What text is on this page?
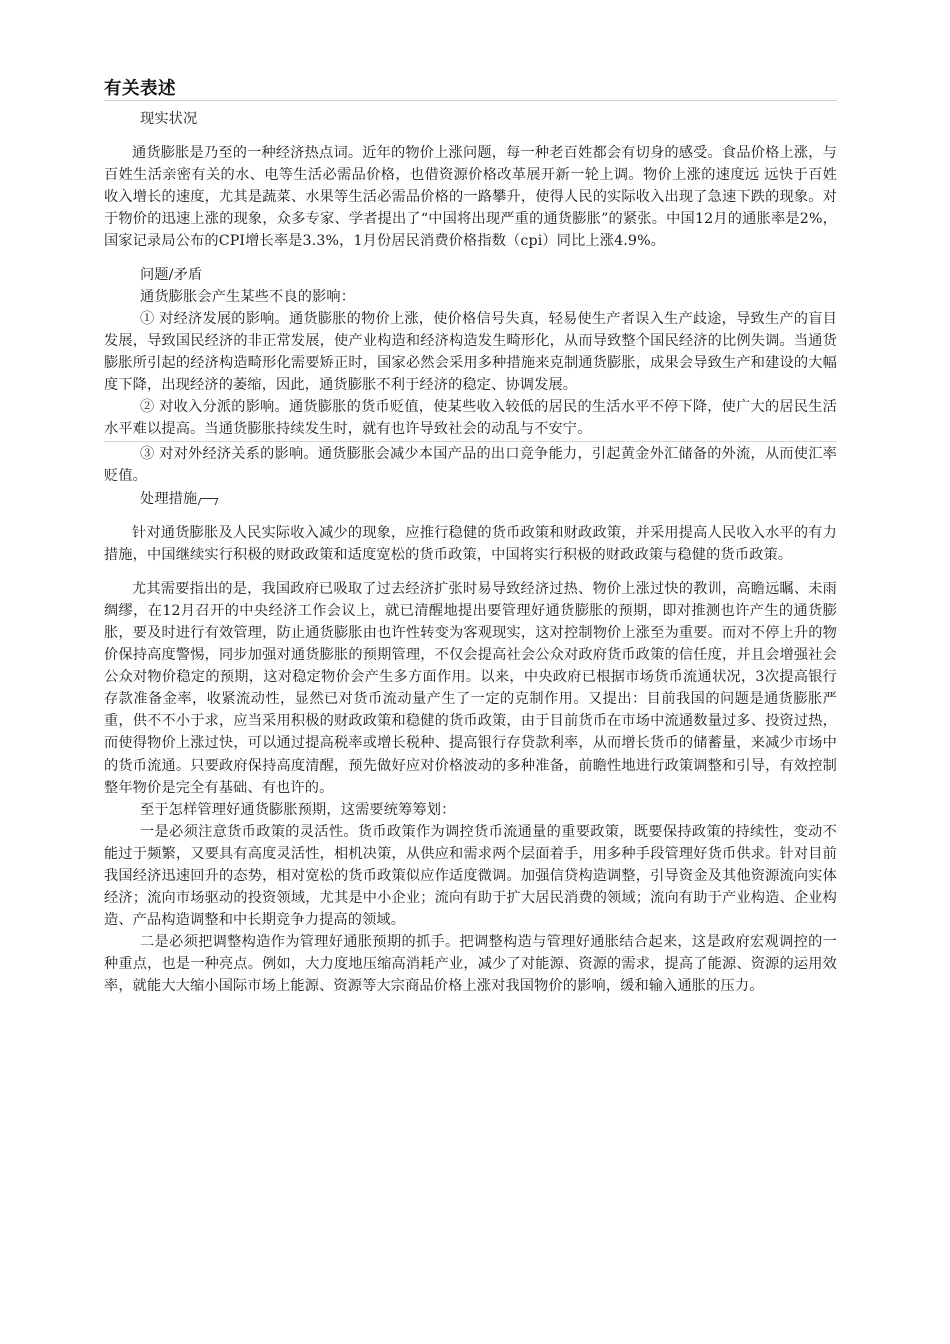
有关表述

现实状况

通货膨胀是乃至的一种经济热点词。近年的物价上涨问题，每一种老百姓都会有切身的感受。食品价格上涨，与百姓生活亲密有关的水、电等生活必需品价格，也借资源价格改革展开新一轮上调。物价上涨的速度远 远快于百姓收入增长的速度，尤其是蔬菜、水果等生活必需品价格的一路攀升，使得人民的实际收入出现了急速下跌的现象。对于物价的迅速上涨的现象，众多专家、学者提出了“中国将出现严重的通货膨胀”的紧张。中国12月的通胀率是2%，国家记录局公布的CPI增长率是3.3%，1月份居民消费价格指数（cpi）同比上涨4.9%。

问题/矛盾

通货膨胀会产生某些不良的影响：

① 对经济发展的影响。通货膨胀的物价上涨，使价格信号失真，轻易使生产者误入生产歧途，导致生产的盲目发展，导致国民经济的非正常发展，使产业构造和经济构造发生畸形化，从而导致整个国民经济的比例失调。当通货膨胀所引起的经济构造畸形化需要矫正时，国家必然会采用多种措施来克制通货膨胀，成果会导致生产和建设的大幅度下降，出现经济的萎缩，因此，通货膨胀不利于经济的稳定、协调发展。

② 对收入分派的影响。通货膨胀的货币贬值，使某些收入较低的居民的生活水平不停下降，使广大的居民生活水平难以提高。当通货膨胀持续发生时，就有也许导致社会的动乱与不安宁。

③ 对对外经济关系的影响。通货膨胀会减少本国产品的出口竞争能力，引起黄金外汇储备的外流，从而使汇率贬值。

处理措施

针对通货膨胀及人民实际收入减少的现象，应推行稳健的货币政策和财政政策，并采用提高人民收入水平的有力措施，中国继续实行积极的财政政策和适度宽松的货币政策，中国将实行积极的财政政策与稳健的货币政策。

尤其需要指出的是，我国政府已吸取了过去经济扩张时易导致经济过热、物价上涨过快的教训，高瞻远瞩、未雨绸缪，在12月召开的中央经济工作会议上，就已清醒地提出要管理好通货膨胀的预期，即对推测也许产生的通货膨胀，要及时进行有效管理，防止通货膨胀由也许性转变为客观现实，这对控制物价上涨至为重要。而对不停上升的物价保持高度警惕，同步加强对通货膨胀的预期管理，不仅会提高社会公众对政府货币政策的信任度，并且会增强社会公众对物价稳定的预期，这对稳定物价会产生多方面作用。以来，中央政府已根据市场货币流通状况，3次提高银行存款准备金率，收紧流动性，显然已对货币流动量产生了一定的克制作用。又提出：目前我国的问题是通货膨胀严重，供不不小于求，应当采用积极的财政政策和稳健的货币政策，由于目前货币在市场中流通数量过多、投资过热，而使得物价上涨过快，可以通过提高税率或增长税种、提高银行存贷款利率，从而增长货币的储蓄量，来减少市场中的货币流通。只要政府保持高度清醒，预先做好应对价格波动的多种准备，前瞻性地进行政策调整和引导，有效控制整年物价是完全有基础、有也许的。

至于怎样管理好通货膨胀预期，这需要统筹筹划：

一是必须注意货币政策的灵活性。货币政策作为调控货币流通量的重要政策，既要保持政策的持续性，变动不能过于频繁，又要具有高度灵活性，相机决策，从供应和需求两个层面着手，用多种手段管理好货币供求。针对目前我国经济迅速回升的态势，相对宽松的货币政策似应作适度微调。加强信贷构造调整，引导资金及其他资源流向实体经济；流向市场驱动的投资领域，尤其是中小企业；流向有助于扩大居民消费的领域；流向有助于产业构造、企业构造、产品构造调整和中长期竞争力提高的领域。

二是必须把调整构造作为管理好通胀预期的抓手。把调整构造与管理好通胀结合起来，这是政府宏观调控的一种重点，也是一种亮点。例如，大力度地压缩高消耗产业，减少了对能源、资源的需求，提高了能源、资源的运用效率，就能大大缩小国际市场上能源、资源等大宗商品价格上涨对我国物价的影响，缓和输入通胀的压力。
